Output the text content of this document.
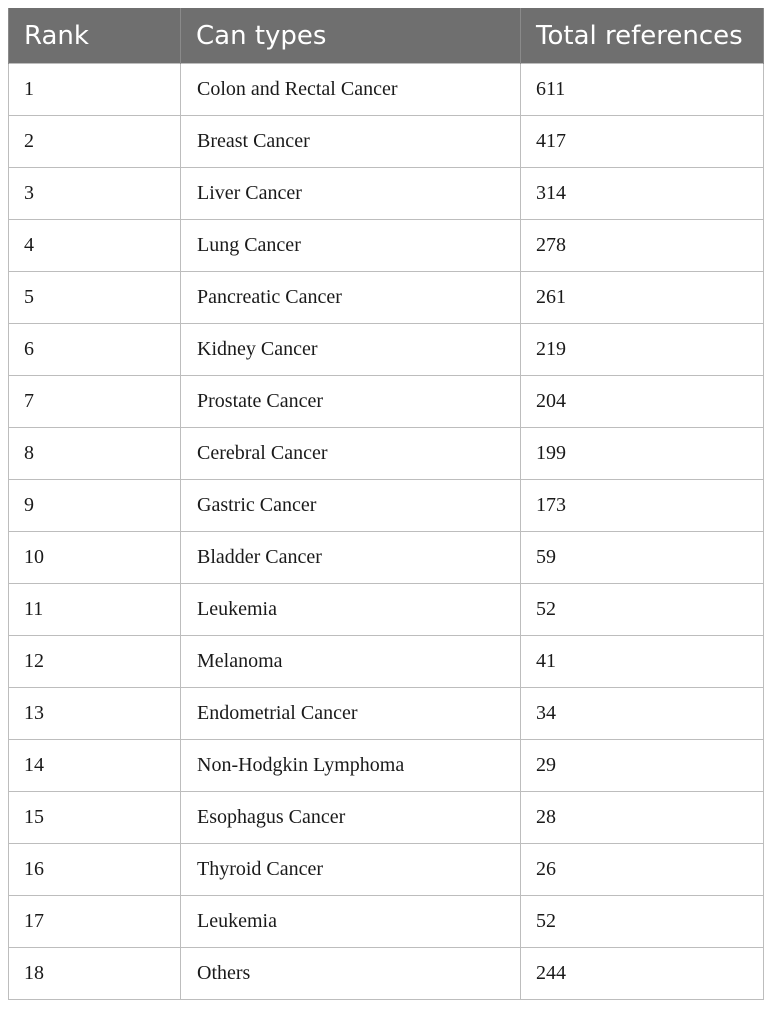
Rank	Can types	Total references
1	Colon and Rectal Cancer	611
2	Breast Cancer	417
3	Liver Cancer	314
4	Lung Cancer	278
5	Pancreatic Cancer	261
6	Kidney Cancer	219
7	Prostate Cancer	204
8	Cerebral Cancer	199
9	Gastric Cancer	173
10	Bladder Cancer	59
11	Leukemia	52
12	Melanoma	41
13	Endometrial Cancer	34
14	Non-Hodgkin Lymphoma	29
15	Esophagus Cancer	28
16	Thyroid Cancer	26
17	Leukemia	52
18	Others	244
